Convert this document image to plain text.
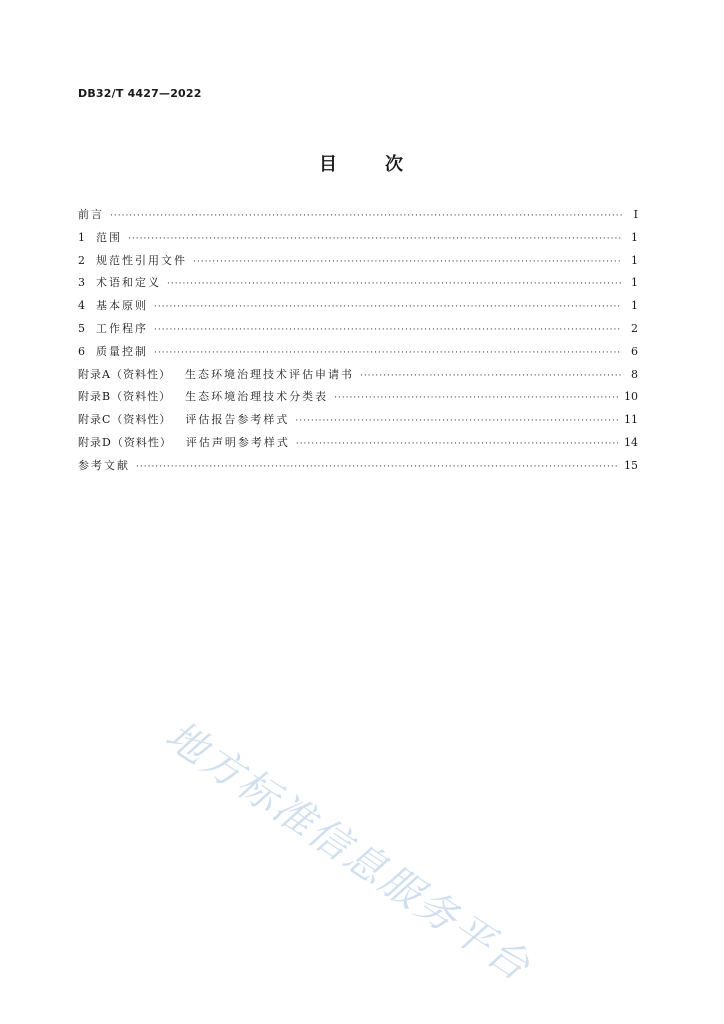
DB32/T 4427—2022
目	次
前言 ·····	I
1	范围 ·····	1
2	规范性引用文件 ·····	1
3	术语和定义 ·····	1
4	基本原则 ·····	1
5	工作程序 ·····	2
6	质量控制 ·····	6
附录A（资料性） 生态环境治理技术评估申请书 ·····	8
附录B（资料性） 生态环境治理技术分类表 ·····	10
附录C（资料性） 评估报告参考样式 ·····	11
附录D（资料性） 评估声明参考样式 ·····	14
参考文献 ·····	15
地方标准信息服务平台
